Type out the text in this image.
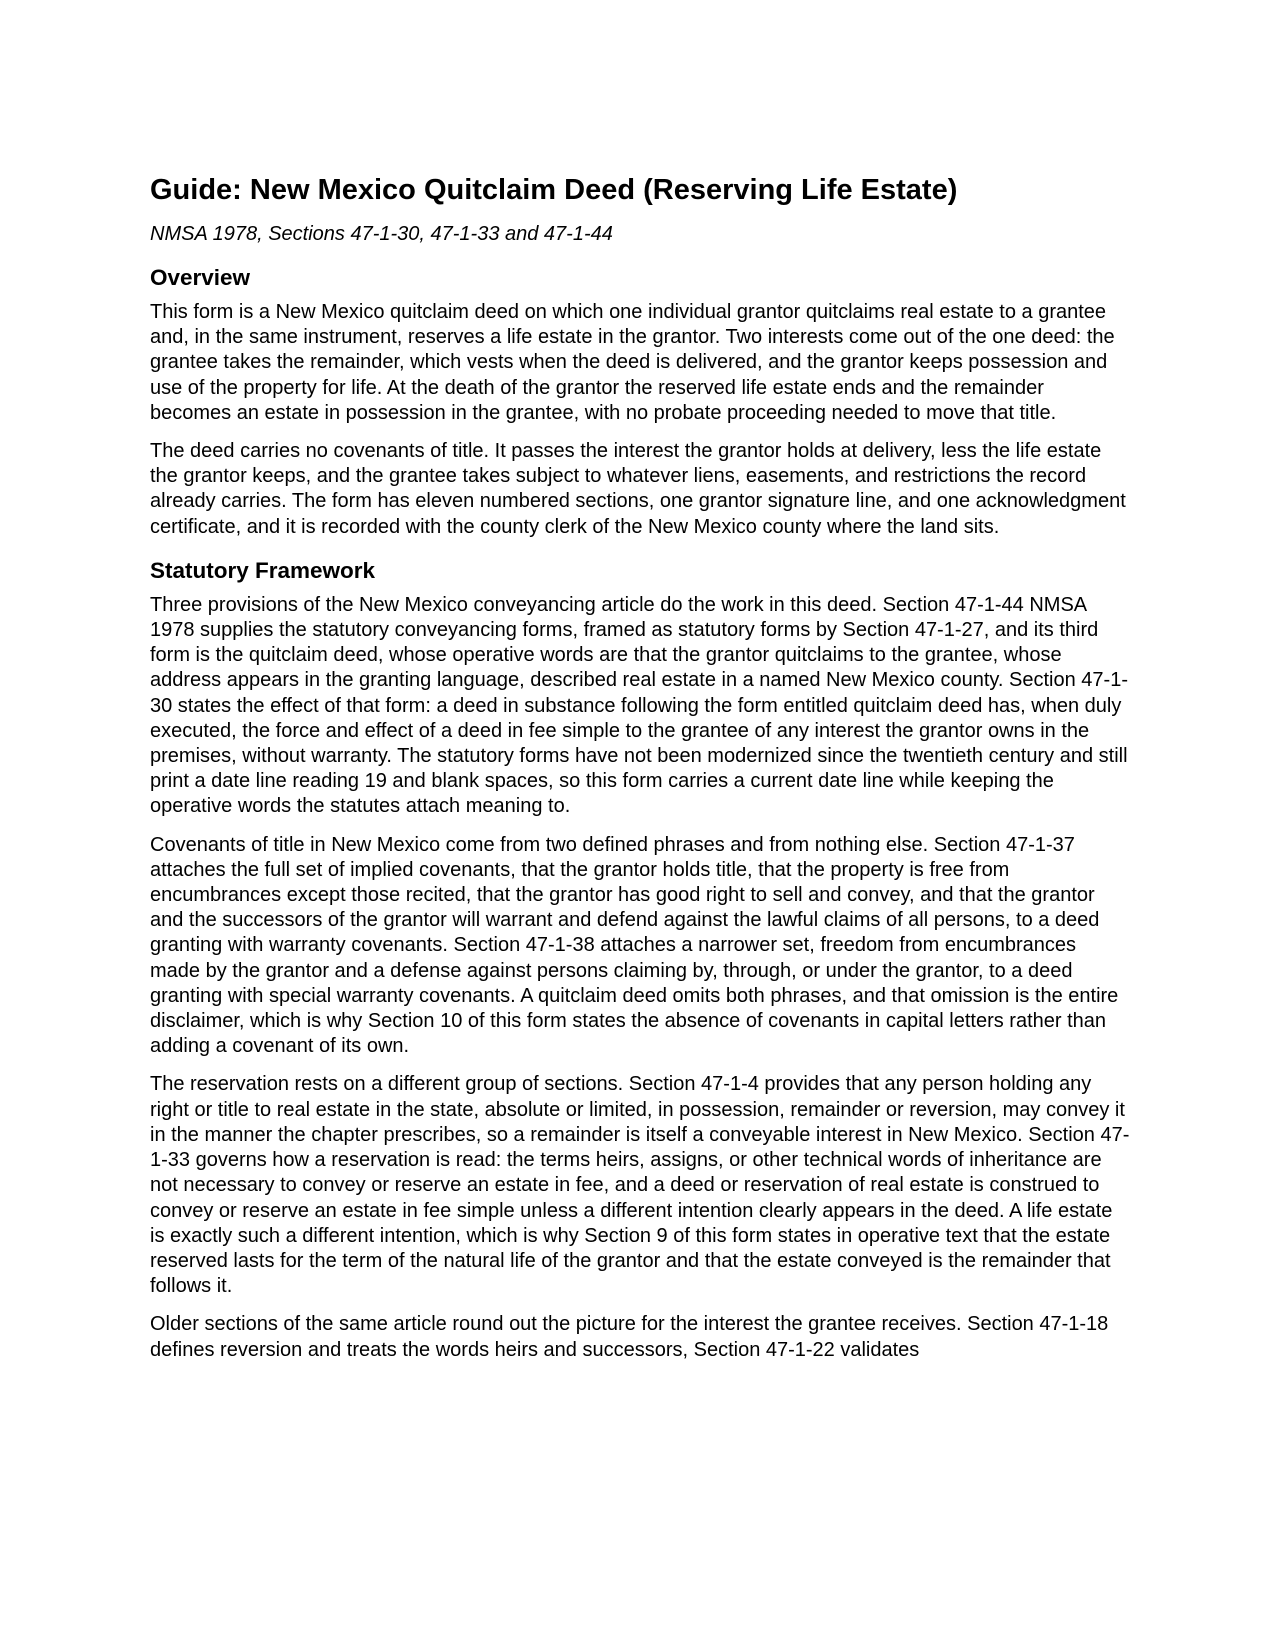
Guide: New Mexico Quitclaim Deed (Reserving Life Estate)
NMSA 1978, Sections 47-1-30, 47-1-33 and 47-1-44
Overview

This form is a New Mexico quitclaim deed on which one individual grantor quitclaims real estate to a grantee and, in the same instrument, reserves a life estate in the grantor. Two interests come out of the one deed: the grantee takes the remainder, which vests when the deed is delivered, and the grantor keeps possession and use of the property for life. At the death of the grantor the reserved life estate ends and the remainder becomes an estate in possession in the grantee, with no probate proceeding needed to move that title.

The deed carries no covenants of title. It passes the interest the grantor holds at delivery, less the life estate the grantor keeps, and the grantee takes subject to whatever liens, easements, and restrictions the record already carries. The form has eleven numbered sections, one grantor signature line, and one acknowledgment certificate, and it is recorded with the county clerk of the New Mexico county where the land sits.

Statutory Framework

Three provisions of the New Mexico conveyancing article do the work in this deed. Section 47-1-44 NMSA 1978 supplies the statutory conveyancing forms, framed as statutory forms by Section 47-1-27, and its third form is the quitclaim deed, whose operative words are that the grantor quitclaims to the grantee, whose address appears in the granting language, described real estate in a named New Mexico county. Section 47-1-30 states the effect of that form: a deed in substance following the form entitled quitclaim deed has, when duly executed, the force and effect of a deed in fee simple to the grantee of any interest the grantor owns in the premises, without warranty. The statutory forms have not been modernized since the twentieth century and still print a date line reading 19 and blank spaces, so this form carries a current date line while keeping the operative words the statutes attach meaning to.

Covenants of title in New Mexico come from two defined phrases and from nothing else. Section 47-1-37 attaches the full set of implied covenants, that the grantor holds title, that the property is free from encumbrances except those recited, that the grantor has good right to sell and convey, and that the grantor and the successors of the grantor will warrant and defend against the lawful claims of all persons, to a deed granting with warranty covenants. Section 47-1-38 attaches a narrower set, freedom from encumbrances made by the grantor and a defense against persons claiming by, through, or under the grantor, to a deed granting with special warranty covenants. A quitclaim deed omits both phrases, and that omission is the entire disclaimer, which is why Section 10 of this form states the absence of covenants in capital letters rather than adding a covenant of its own.

The reservation rests on a different group of sections. Section 47-1-4 provides that any person holding any right or title to real estate in the state, absolute or limited, in possession, remainder or reversion, may convey it in the manner the chapter prescribes, so a remainder is itself a conveyable interest in New Mexico. Section 47-1-33 governs how a reservation is read: the terms heirs, assigns, or other technical words of inheritance are not necessary to convey or reserve an estate in fee, and a deed or reservation of real estate is construed to convey or reserve an estate in fee simple unless a different intention clearly appears in the deed. A life estate is exactly such a different intention, which is why Section 9 of this form states in operative text that the estate reserved lasts for the term of the natural life of the grantor and that the estate conveyed is the remainder that follows it.

Older sections of the same article round out the picture for the interest the grantee receives. Section 47-1-18 defines reversion and treats the words heirs and successors, Section 47-1-22 validates
